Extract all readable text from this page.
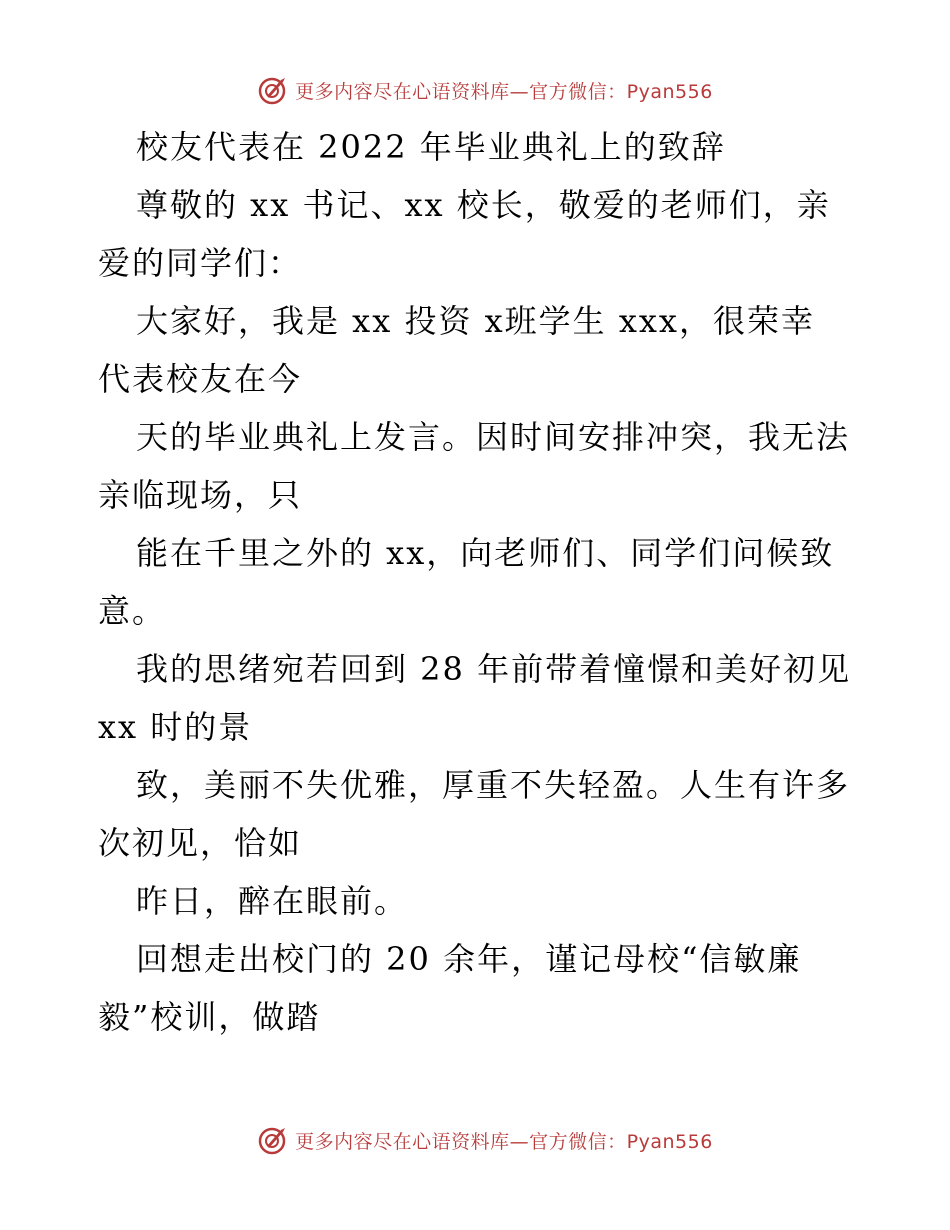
更多内容尽在心语资料库—官方微信：Pyan556
校友代表在 2022 年毕业典礼上的致辞
尊敬的 xx 书记、xx 校长，敬爱的老师们，亲
爱的同学们：
大家好，我是 xx 投资 x班学生 xxx，很荣幸
代表校友在今
天的毕业典礼上发言。因时间安排冲突，我无法
亲临现场，只
能在千里之外的 xx，向老师们、同学们问候致
意。
我的思绪宛若回到 28 年前带着憧憬和美好初见
xx 时的景
致，美丽不失优雅，厚重不失轻盈。人生有许多
次初见，恰如
昨日，醉在眼前。
回想走出校门的 20 余年，谨记母校“信敏廉
毅”校训，做踏
更多内容尽在心语资料库—官方微信：Pyan556
